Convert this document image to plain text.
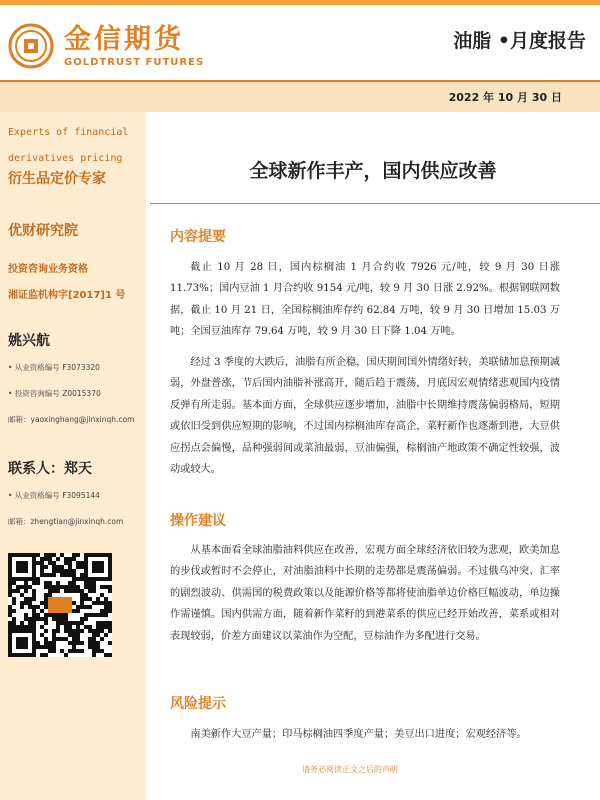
金信期货
GOLDTRUST FUTURES
油脂 •月度报告
2022 年 10 月 30 日
Experts of financial
derivatives pricing
衍生品定价专家
优财研究院
投资咨询业务资格
湘证监机构字[2017]1 号
姚兴航
• 从业资格编号 F3073320
• 投资咨询编号 Z0015370
邮箱：yaoxinghang@jinxinqh.com
联系人：郑天
• 从业资格编号 F3095144
邮箱：zhengtian@jinxinqh.com
全球新作丰产，国内供应改善
内容提要
截止 10 月 28 日，国内棕榈油 1 月合约收 7926 元/吨，较 9 月 30 日涨 11.73%；国内豆油 1 月合约收 9154 元/吨，较 9 月 30 日涨 2.92%。根据钢联网数据，截止 10 月 21 日，全国棕榈油库存约 62.84 万吨，较 9 月 30 日增加 15.03 万吨；全国豆油库存 79.64 万吨，较 9 月 30 日下降 1.04 万吨。
经过 3 季度的大跌后，油脂有所企稳，国庆期间国外情绪好转，美联储加息预期减弱，外盘普涨，节后国内油脂补涨高开，随后趋于震荡，月底因宏观情绪悲观国内疫情反弹有所走弱。基本面方面，全球供应逐步增加，油脂中长期维持震荡偏弱格局，短期或依旧受到供应短期的影响，不过国内棕榈油库存高企，菜籽新作也逐渐到港，大豆供应拐点会偏慢，品种强弱间或菜油最弱，豆油偏强，棕榈油产地政策不确定性较强，波动或较大。
操作建议
从基本面看全球油脂油料供应在改善，宏观方面全球经济依旧较为悲观，欧美加息的步伐或暂时不会停止，对油脂油料中长期的走势都是震荡偏弱。不过俄乌冲突、汇率的剧烈波动、供需国的税费政策以及能源价格等都将使油脂单边价格巨幅波动，单边操作需谨慎。国内供需方面，随着新作菜籽的到港菜系的供应已经开始改善，菜系或相对表现较弱，价差方面建议以菜油作为空配，豆棕油作为多配进行交易。
风险提示
南美新作大豆产量；印马棕榈油四季度产量；美豆出口进度；宏观经济等。
请务必阅读正文之后的声明
